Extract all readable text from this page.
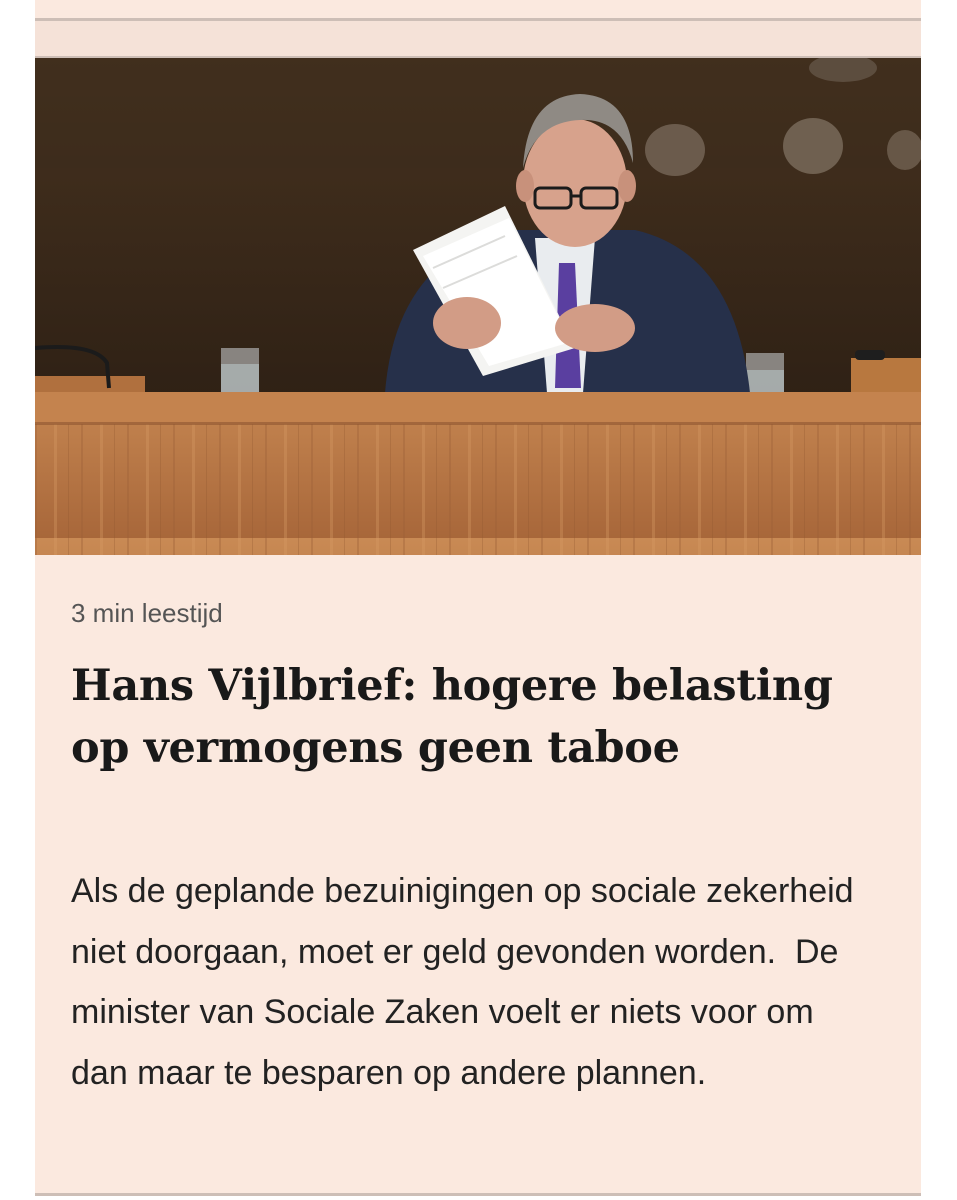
3 min leestijd
Hans Vijlbrief: hogere belasting op vermogens geen taboe

Als de geplande bezuinigingen op sociale zekerheid niet doorgaan, moet er geld gevonden worden.  De minister van Sociale Zaken voelt er niets voor om dan maar te besparen op andere plannen.
